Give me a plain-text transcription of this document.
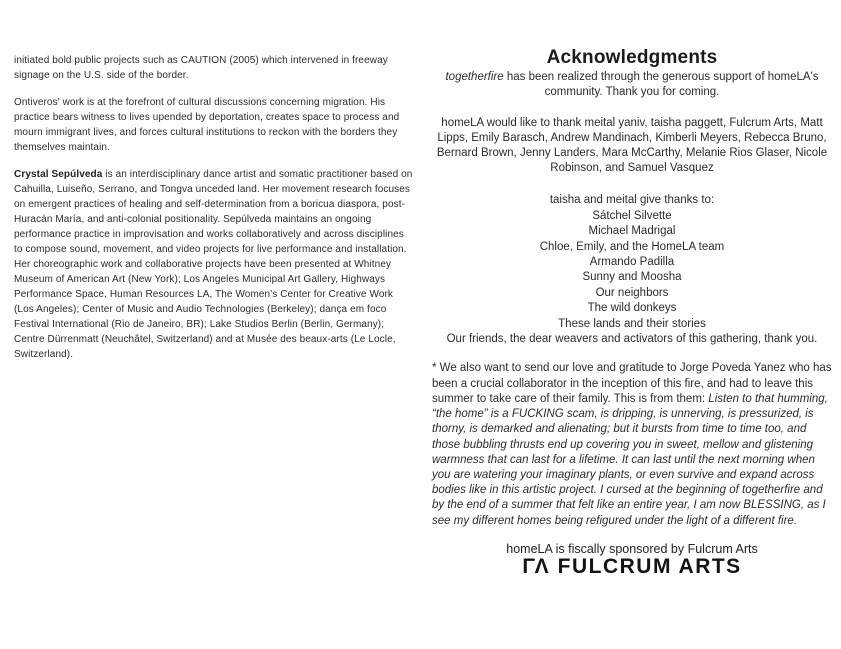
initiated bold public projects such as CAUTION (2005) which intervened in freeway signage on the U.S. side of the border.

Ontiveros' work is at the forefront of cultural discussions concerning migration. His practice bears witness to lives upended by deportation, creates space to process and mourn immigrant lives, and forces cultural institutions to reckon with the borders they themselves maintain.

Crystal Sepúlveda is an interdisciplinary dance artist and somatic practitioner based on Cahuilla, Luiseño, Serrano, and Tongva unceded land. Her movement research focuses on emergent practices of healing and self-determination from a boricua diaspora, post-Huracán María, and anti-colonial positionality. Sepúlveda maintains an ongoing performance practice in improvisation and works collaboratively and across disciplines to compose sound, movement, and video projects for live performance and installation. Her choreographic work and collaborative projects have been presented at Whitney Museum of American Art (New York); Los Angeles Municipal Art Gallery, Highways Performance Space, Human Resources LA, The Women's Center for Creative Work (Los Angeles); Center of Music and Audio Technologies (Berkeley); dança em foco Festival International (Rio de Janeiro, BR); Lake Studios Berlin (Berlin, Germany); Centre Dürrenmatt (Neuchâtel, Switzerland) and at Musée des beaux-arts (Le Locle, Switzerland).

Acknowledgments

togetherfire has been realized through the generous support of homeLA's community. Thank you for coming.

homeLA would like to thank meital yaniv, taisha paggett, Fulcrum Arts, Matt Lipps, Emily Barasch, Andrew Mandinach, Kimberli Meyers, Rebecca Bruno, Bernard Brown, Jenny Landers, Mara McCarthy, Melanie Rios Glaser, Nicole Robinson, and Samuel Vasquez

taisha and meital give thanks to:
Sátchel Silvette
Michael Madrigal
Chloe, Emily, and the HomeLA team
Armando Padilla
Sunny and Moosha
Our neighbors
The wild donkeys
These lands and their stories
Our friends, the dear weavers and activators of this gathering, thank you.

* We also want to send our love and gratitude to Jorge Poveda Yanez who has been a crucial collaborator in the inception of this fire, and had to leave this summer to take care of their family. This is from them: Listen to that humming, “the home” is a FUCKING scam, is dripping, is unnerving, is pressurized, is thorny, is demarked and alienating; but it bursts from time to time too, and those bubbling thrusts end up covering you in sweet, mellow and glistening warmness that can last for a lifetime. It can last until the next morning when you are watering your imaginary plants, or even survive and expand across bodies like in this artistic project. I cursed at the beginning of togetherfire and by the end of a summer that felt like an entire year, I am now BLESSING, as I see my different homes being refigured under the light of a different fire.

homeLA is fiscally sponsored by Fulcrum Arts

ΓΛ FULCRUM ARTS
